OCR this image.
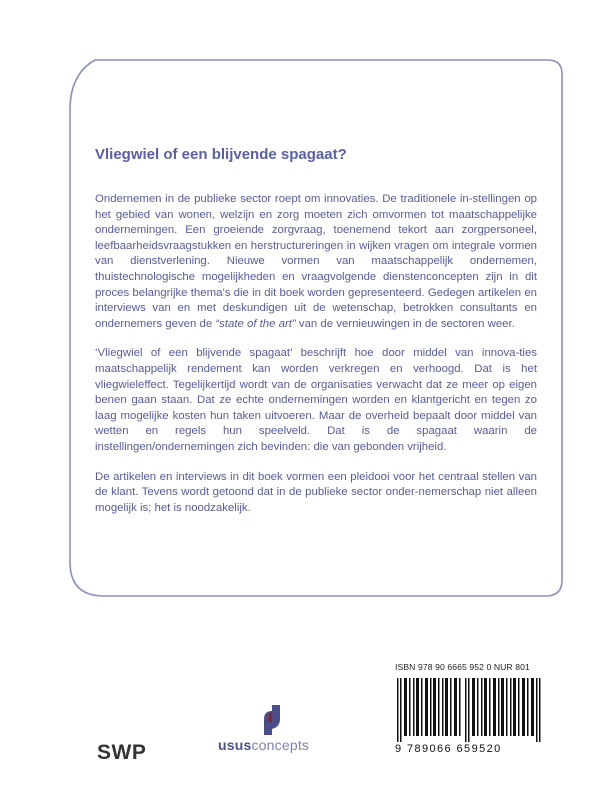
Vliegwiel of een blijvende spagaat?

Ondernemen in de publieke sector roept om innovaties. De traditionele in-stellingen op het gebied van wonen, welzijn en zorg moeten zich omvormen tot maatschappelijke ondernemingen. Een groeiende zorgvraag, toenemend tekort aan zorgpersoneel, leefbaarheidsvraagstukken en herstructureringen in wijken vragen om integrale vormen van dienstverlening. Nieuwe vormen van maatschappelijk ondernemen, thuistechnologische mogelijkheden en vraagvolgende dienstenconcepten zijn in dit proces belangrijke thema’s die in dit boek worden gepresenteerd. Gedegen artikelen en interviews van en met deskundigen uit de wetenschap, betrokken consultants en ondernemers geven de “state of the art” van de vernieuwingen in de sectoren weer.

‘Vliegwiel of een blijvende spagaat’ beschrijft hoe door middel van innova-ties maatschappelijk rendement kan worden verkregen en verhoogd. Dat is het vliegwieleffect. Tegelijkertijd wordt van de organisaties verwacht dat ze meer op eigen benen gaan staan. Dat ze echte ondernemingen worden en klantgericht en tegen zo laag mogelijke kosten hun taken uitvoeren. Maar de overheid bepaalt door middel van wetten en regels hun speelveld. Dat is de spagaat waarin de instellingen/ondernemingen zich bevinden: die van gebonden vrijheid.

De artikelen en interviews in dit boek vormen een pleidooi voor het centraal stellen van de klant. Tevens wordt getoond dat in de publieke sector onder-nemerschap niet alleen mogelijk is; het is noodzakelijk.

ISBN 978 90 6665 952 0 NUR 801
9 789066 659520
SWP	ususconcepts
